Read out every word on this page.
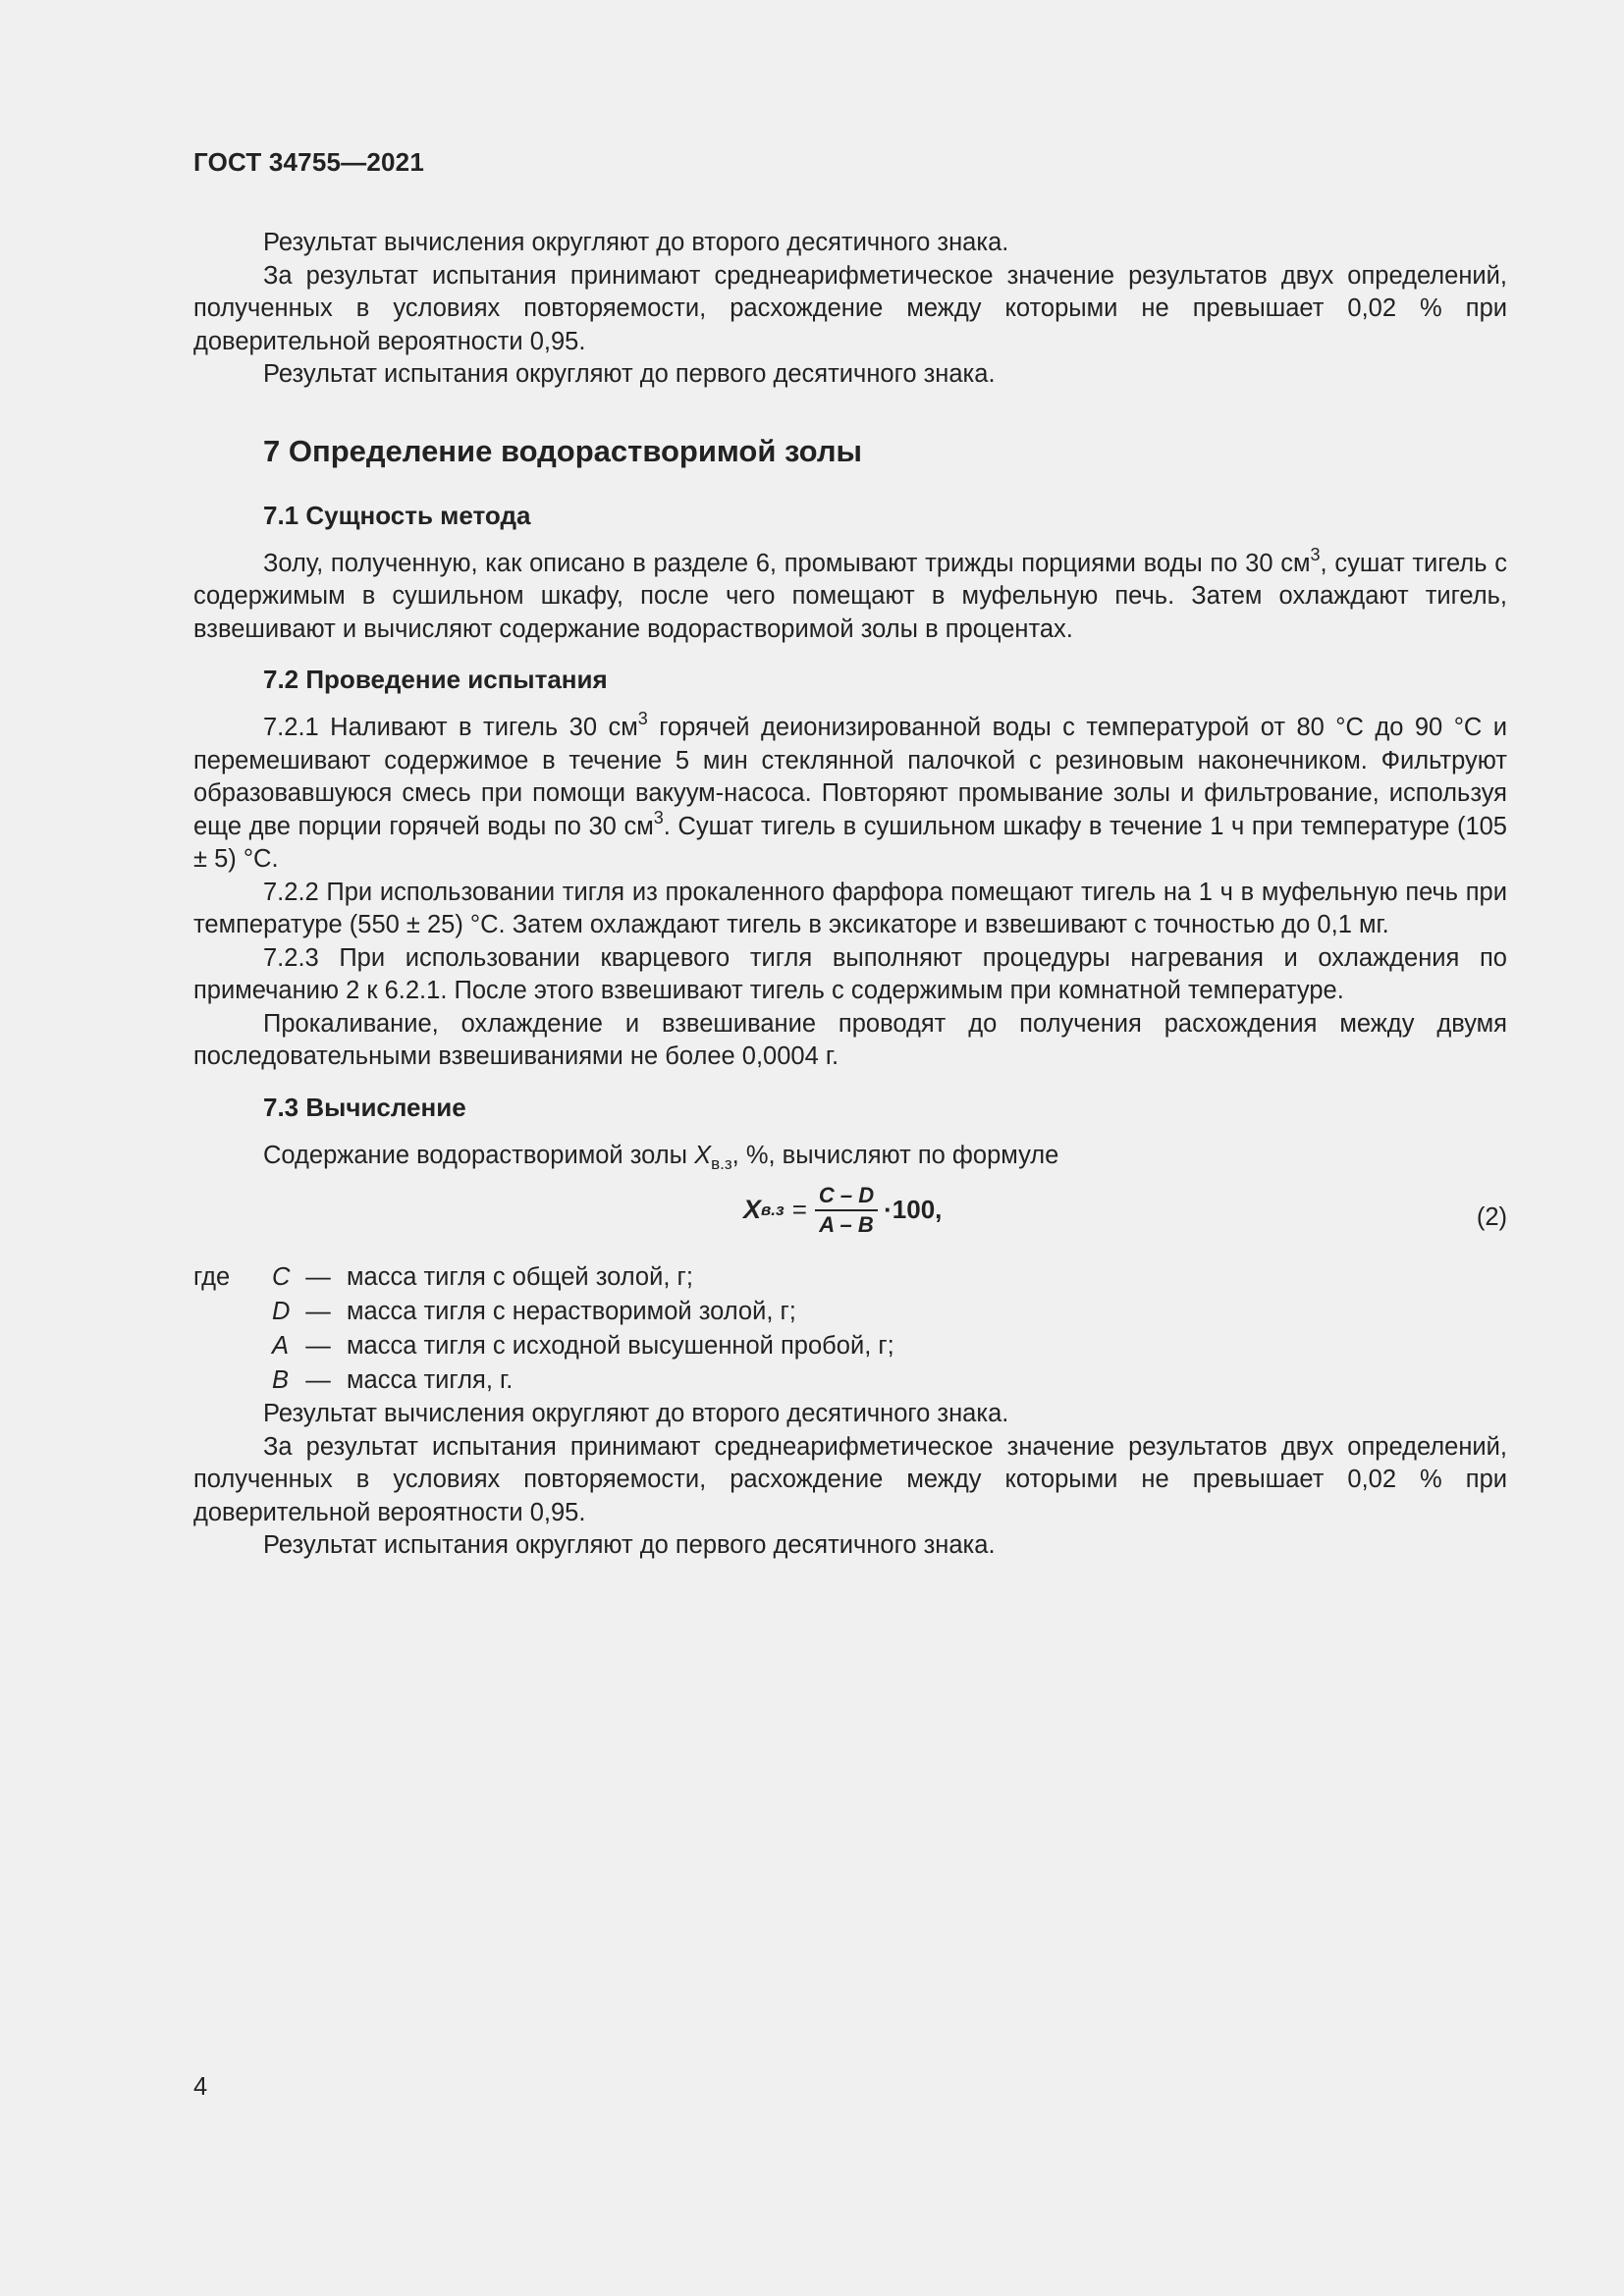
ГОСТ 34755—2021

Результат вычисления округляют до второго десятичного знака.

За результат испытания принимают среднеарифметическое значение результатов двух определений, полученных в условиях повторяемости, расхождение между которыми не превышает 0,02 % при доверительной вероятности 0,95.

Результат испытания округляют до первого десятичного знака.

7 Определение водорастворимой золы
7.1 Сущность метода

Золу, полученную, как описано в разделе 6, промывают трижды порциями воды по 30 $см^3$, сушат тигель с содержимым в сушильном шкафу, после чего помещают в муфельную печь. Затем охлаждают тигель, взвешивают и вычисляют содержание водорастворимой золы в процентах.

7.2 Проведение испытания

7.2.1 Наливают в тигель 30 $см^3$ горячей деионизированной воды с температурой от 80 °С до 90 °С и перемешивают содержимое в течение 5 мин стеклянной палочкой с резиновым наконечником. Фильтруют образовавшуюся смесь при помощи вакуум-насоса. Повторяют промывание золы и фильтрование, используя еще две порции горячей воды по 30 $см^3$. Сушат тигель в сушильном шкафу в течение 1 ч при температуре (105 ± 5) °С.

7.2.2 При использовании тигля из прокаленного фарфора помещают тигель на 1 ч в муфельную печь при температуре (550 ± 25) °С. Затем охлаждают тигель в эксикаторе и взвешивают с точностью до 0,1 мг.

7.2.3 При использовании кварцевого тигля выполняют процедуры нагревания и охлаждения по примечанию 2 к 6.2.1. После этого взвешивают тигель с содержимым при комнатной температуре.

Прокаливание, охлаждение и взвешивание проводят до получения расхождения между двумя последовательными взвешиваниями не более 0,0004 г.

7.3 Вычисление

Содержание водорастворимой золы $X_{в.з}$, %, вычисляют по формуле

X $в.з = \frac{C - D}{A - B} \cdot 100$,	(2)
где	C — масса тигля с общей золой, г;
D — масса тигля с нерастворимой золой, г;
A — масса тигля с исходной высушенной пробой, г;
B — масса тигля, г.

Результат вычисления округляют до второго десятичного знака.

За результат испытания принимают среднеарифметическое значение результатов двух определений, полученных в условиях повторяемости, расхождение между которыми не превышает 0,02 % при доверительной вероятности 0,95.

Результат испытания округляют до первого десятичного знака.

4
